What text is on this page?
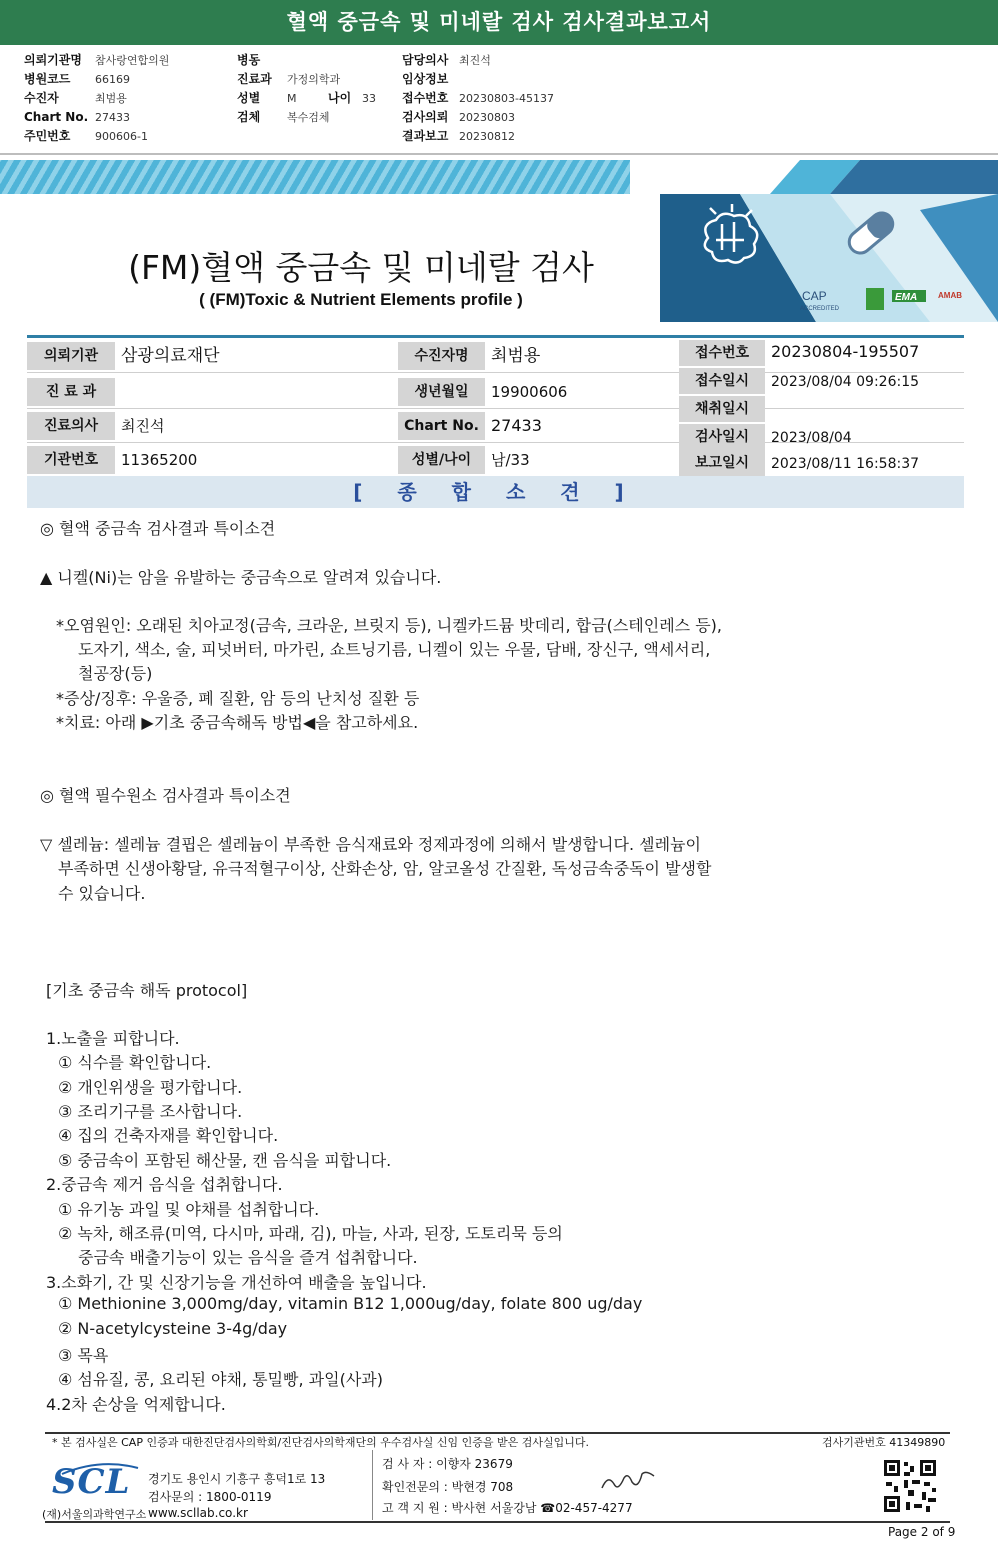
혈액 중금속 및 미네랄 검사 검사결과보고서
의뢰기관명 참사랑연합의원
병원코드 66169
수진자	최범용
Chart No. 27433
주민번호 900606-1
병동
진료과 가정의학과
성별 M	나이 33
검체 복수검체
담당의사 최진석
임상정보
접수번호 20230803-45137
검사의뢰 20230803
결과보고 20230812
CAP
ACCREDITED
EMA	AMAB
(FM)혈액 중금속 및 미네랄 검사
( (FM)Toxic & Nutrient Elements profile )
의뢰기관	삼광의료재단
진 료 과
진료의사	최진석
기관번호	11365200
수진자명	최범용
생년월일	19900606
Chart No. 27433
성별/나이	남/33
접수번호	20230804-195507
접수일시	2023/08/04 09:26:15
채취일시
검사일시	2023/08/04
보고일시	2023/08/11 16:58:37
[ 종 합 소 견 ]
◎ 혈액 중금속 검사결과 특이소견
▲ 니켈(Ni)는 암을 유발하는 중금속으로 알려져 있습니다.
*오염원인: 오래된 치아교정(금속, 크라운, 브릿지 등), 니켈카드뮴 밧데리, 합금(스테인레스 등),
도자기, 색소, 술, 피넛버터, 마가린, 쇼트닝기름, 니켈이 있는 우물, 담배, 장신구, 액세서리,
철공장(등)
*증상/징후: 우울증, 폐 질환, 암 등의 난치성 질환 등
*치료: 아래 ▶기초 중금속해독 방법◀을 참고하세요.
◎ 혈액 필수원소 검사결과 특이소견
▽ 셀레늄: 셀레늄 결핍은 셀레늄이 부족한 음식재료와 정제과정에 의해서 발생합니다. 셀레늄이
부족하면 신생아황달, 유극적혈구이상, 산화손상, 암, 알코올성 간질환, 독성금속중독이 발생할
수 있습니다.
[기초 중금속 해독 protocol]
1.노출을 피합니다.
① 식수를 확인합니다.
② 개인위생을 평가합니다.
③ 조리기구를 조사합니다.
④ 집의 건축자재를 확인합니다.
⑤ 중금속이 포함된 해산물, 캔 음식을 피합니다.
2.중금속 제거 음식을 섭취합니다.
① 유기농 과일 및 야채를 섭취합니다.
② 녹차, 해조류(미역, 다시마, 파래, 김), 마늘, 사과, 된장, 도토리묵 등의
중금속 배출기능이 있는 음식을 즐겨 섭취합니다.
3.소화기, 간 및 신장기능을 개선하여 배출을 높입니다.
① Methionine 3,000mg/day, vitamin B12 1,000ug/day, folate 800 ug/day
② N-acetylcysteine 3-4g/day
③ 목욕
④ 섬유질, 콩, 요리된 야채, 통밀빵, 과일(사과)
4.2차 손상을 억제합니다.
* 본 검사실은 CAP 인증과 대한진단검사의학회/진단검사의학재단의 우수검사실 신임 인증을 받은 검사실입니다.	검사기관번호 41349890
SCL
(재)서울의과학연구소
경기도 용인시 기흥구 흥덕1로 13
검사문의 : 1800-0119
www.scllab.co.kr
검 사 자 : 이향자 23679
확인전문의 : 박현경 708
고 객 지 원 : 박사현 서울강남 ☎02-457-4277
Page 2 of 9
